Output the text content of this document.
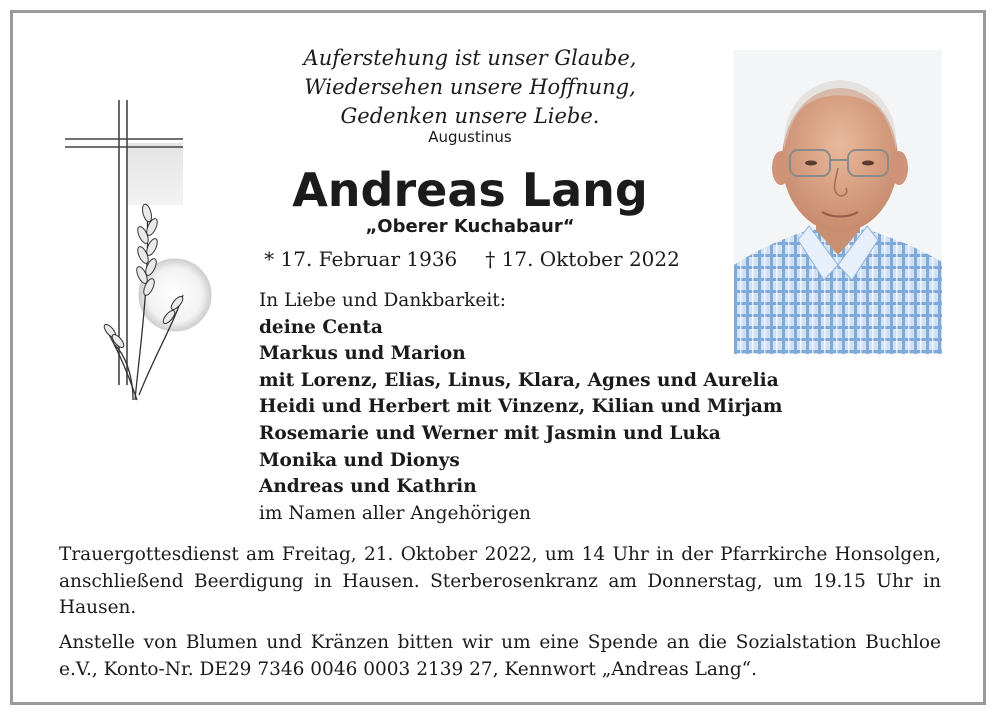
Auferstehung ist unser Glaube,
Wiedersehen unsere Hoffnung,
Gedenken unsere Liebe.
Augustinus
Andreas Lang
„Oberer Kuchabaur“
* 17. Februar 1936 † 17. Oktober 2022
In Liebe und Dankbarkeit:
deine Centa
Markus und Marion
mit Lorenz, Elias, Linus, Klara, Agnes und Aurelia
Heidi und Herbert mit Vinzenz, Kilian und Mirjam
Rosemarie und Werner mit Jasmin und Luka
Monika und Dionys
Andreas und Kathrin
im Namen aller Angehörigen
Trauergottesdienst am Freitag, 21. Oktober 2022, um 14 Uhr in der Pfarrkirche Honsolgen, anschließend Beerdigung in Hausen. Sterberosenkranz am Donnerstag, um 19.15 Uhr in Hausen.
Anstelle von Blumen und Kränzen bitten wir um eine Spende an die Sozialstation Buchloe e.V., Konto-Nr. DE29 7346 0046 0003 2139 27, Kennwort „Andreas Lang“.
